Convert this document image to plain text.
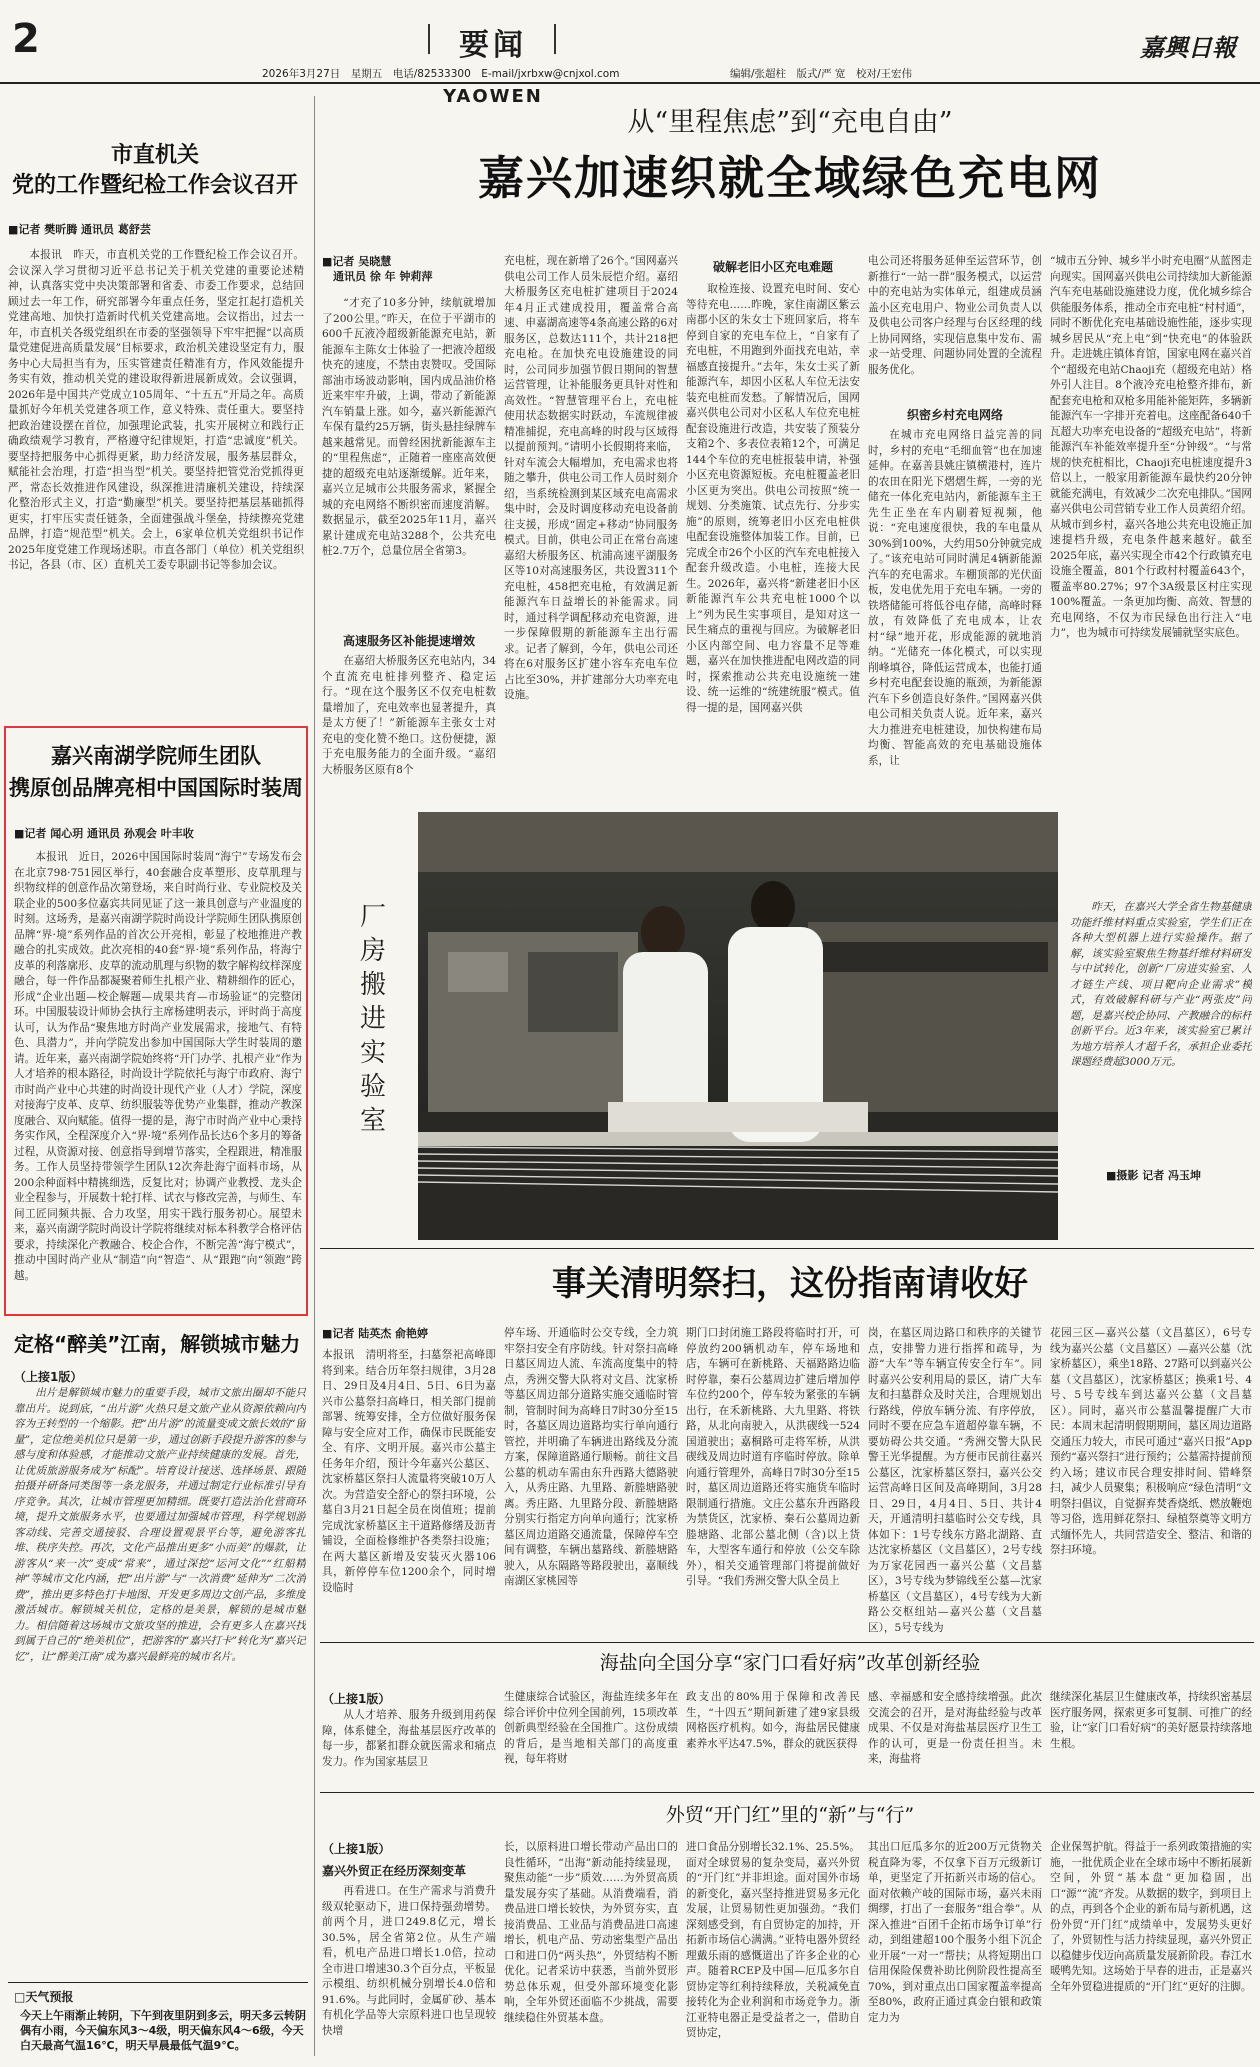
2	要闻
YAOWEN
2026年3月27日　星期五　电话/82533300　E-mail/jxrbxw@cnjxol.com	编辑/张超柱　版式/严 宽　校对/王宏伟
嘉興日報
市直机关
党的工作暨纪检工作会议召开
■记者 樊昕腾 通讯员 葛舒芸
本报讯　昨天，市直机关党的工作暨纪检工作会议召开。会议深入学习贯彻习近平总书记关于机关党建的重要论述精神，认真落实党中央决策部署和省委、市委工作要求，总结回顾过去一年工作，研究部署今年重点任务，坚定扛起打造机关党建高地、加快打造新时代机关党建高地。会议指出，过去一年，市直机关各级党组织在市委的坚强领导下牢牢把握“以高质量党建促进高质量发展”目标要求，政治机关建设坚定有力，服务中心大局担当有为，压实管建责任精准有方，作风效能提升务实有效，推动机关党的建设取得新进展新成效。会议强调，2026年是中国共产党成立105周年、“十五五”开局之年。高质量抓好今年机关党建各项工作，意义特殊、责任重大。要坚持把政治建设摆在首位，加强理论武装，扎实开展树立和践行正确政绩观学习教育，严格遵守纪律规矩，打造“忠诚度”机关。要坚持把服务中心抓得更紧，助力经济发展，服务基层群众，赋能社会治理，打造“担当型”机关。要坚持把管党治党抓得更严，常态长效推进作风建设，纵深推进清廉机关建设，持续深化整治形式主义，打造“勤廉型”机关。要坚持把基层基础抓得更实，打牢压实责任链条，全面建强战斗堡垒，持续擦亮党建品牌，打造“规范型”机关。会上，6家单位机关党组织书记作2025年度党建工作现场述职。市直各部门（单位）机关党组织书记，各县（市、区）直机关工委专职副书记等参加会议。
嘉兴南湖学院师生团队
携原创品牌亮相中国国际时装周
■记者 闻心玥 通讯员 孙观会 叶丰收
本报讯　近日，2026中国国际时装周“海宁”专场发布会在北京798·751园区举行，40套融合皮革塑形、皮草肌理与织物纹样的创意作品次第登场，来自时尚行业、专业院校及关联企业的500多位嘉宾共同见证了这一兼具创意与产业温度的时刻。这场秀，是嘉兴南湖学院时尚设计学院师生团队携原创品牌“界·境”系列作品的首次公开亮相，彰显了校地推进产教融合的扎实成效。此次亮相的40套“界·境”系列作品，将海宁皮革的利落廓形、皮草的流动肌理与织物的数字解构纹样深度融合，每一件作品都凝聚着师生扎根产业、精耕细作的匠心，形成“企业出题—校企解题—成果共育—市场验证”的完整闭环。中国服装设计师协会执行主席杨建明表示，评时尚于高度认可，认为作品“聚焦地方时尚产业发展需求，接地气、有特色、具潜力”，并向学院发出参加中国国际大学生时装周的邀请。近年来，嘉兴南湖学院始终将“开门办学、扎根产业”作为人才培养的根本路径，时尚设计学院依托与海宁市政府、海宁市时尚产业中心共建的时尚设计现代产业（人才）学院，深度对接海宁皮革、皮草、纺织服装等优势产业集群，推动产教深度融合、双向赋能。值得一提的是，海宁市时尚产业中心秉持务实作风，全程深度介入“界·境”系列作品长达6个多月的筹备过程，从资源对接、创意指导到增节落实，全程跟进，精准服务。工作人员坚持带领学生团队12次奔赴海宁面料市场，从200余种面料中精挑细选，反复比对；协调产业教授、龙头企业全程参与，开展数十轮打样、试衣与修改完善，与师生、车间工匠同频共振、合力攻坚，用实干践行服务初心。展望未来，嘉兴南湖学院时尚设计学院将继续对标本科教学合格评估要求，持续深化产教融合、校企合作，不断完善“海宁模式”，推动中国时尚产业从“制造”向“智造”、从“跟跑”向“领跑”跨越。
定格“醉美”江南，解锁城市魅力
（上接1版）
出片是解锁城市魅力的重要手段，城市文旅出圈却不能只靠出片。说到底，“出片游”火热只是文旅产业从资源依赖向内容为王转型的一个缩影。把“出片游”的流量变成文旅长效的“留量”，定位绝美机位只是第一步，通过创新手段提升游客的参与感与度和体验感，才能推动文旅产业持续健康的发展。首先，让优质旅游服务成为“标配”。培育设计接送、选择场景、跟随拍摄并研备同类图等一条龙服务，并通过制定行业标准引导有序竞争。其次，让城市管理更加精细。既要打造法治化营商环境，提升文旅服务水平，也要通过加强城市管理，科学规划游客动线、完善交通接驳、合理设置观景平台等，避免游客扎堆、秩序失控。再次，文化产品推出更多“小而美”的爆款，让游客从“来一次”变成“常来”，通过深挖“运河文化”“红船精神”等城市文化内涵，把“出片游”与“一次消费”延伸为“二次消费”，推出更多特色打卡地图、开发更多周边文创产品，多维度激活城市。解锁城关机位，定格的是美景，解锁的是城市魅力。相信随着这场城市文旅攻坚的推进，会有更多人在嘉兴找到属于自己的“绝美机位”，把游客的“嘉兴打卡”转化为“嘉兴记忆”，让“醉美江南”成为嘉兴最鲜亮的城市名片。
□天气预报
今天上午雨渐止转阴，下午到夜里阴到多云，明天多云转阴偶有小雨，今天偏东风3～4级，明天偏东风4～6级，今天白天最高气温16℃，明天早晨最低气温9℃。
从“里程焦虑”到“充电自由”
嘉兴加速织就全域绿色充电网
■记者 吴晓慧
　通讯员 徐 年 钟莉萍
“才充了10多分钟，续航就增加了200公里。”昨天，在位于平湖市的600千瓦液冷超级新能源充电站，新能源车主陈女士体验了一把液冷超级快充的速度，不禁由衷赞叹。受国际部油市场波动影响，国内成品油价格近来牢牢升破，上调，带动了新能源汽车销量上涨。如今，嘉兴新能源汽车保有量约25万辆，街头悬挂绿牌车越来越常见。而曾经困扰新能源车主的“里程焦虑”，正随着一座座高效便捷的超级充电站逐渐缓解。近年来，嘉兴立足城市公共服务需求，紧握全城的充电网络不断织密而速度消解。数据显示，截至2025年11月，嘉兴累计建成充电站3288个，公共充电桩2.7万个，总量位居全省第3。
高速服务区补能提速增效
在嘉绍大桥服务区充电站内，34个直流充电桩排列整齐、稳定运行。“现在这个服务区不仅充电桩数量增加了，充电效率也显著提升，真是太方便了！”新能源车主张女士对充电的变化赞不绝口。这份便捷，源于充电服务能力的全面升级。“嘉绍大桥服务区原有8个
充电桩，现在新增了26个。”国网嘉兴供电公司工作人员朱辰恺介绍。嘉绍大桥服务区充电桩扩建项目于2024年4月正式建成投用，覆盖常合高速、申嘉湖高速等4条高速公路的6对服务区，总数达111个，共计218把充电枪。在加快充电设施建设的同时，公司同步加强节假日期间的智慧运营管理，让补能服务更具针对性和高效性。“智慧管理平台上，充电桩使用状态数据实时跃动，车流规律被精准捕捉，充电高峰的时段与区域得以提前预判。”请明小长假期将来临，针对车流会大幅增加，充电需求也将随之攀升，供电公司工作人员时刻介绍，当系统检测到某区域充电高需求集中时，会及时调度移动充电设备前往支援，形成“固定+移动”协同服务模式。目前，供电公司正在常台高速嘉绍大桥服务区、杭浦高速平湖服务区等10对高速服务区，共设置311个充电桩，458把充电枪，有效满足新能源汽车日益增长的补能需求。同时，通过科学调配移动充电资源，进一步保障假期的新能源车主出行需求。记者了解到，今年，供电公司还将在6对服务区扩建小容车充电车位占比至30%，并扩建部分大功率充电设施。
破解老旧小区充电难题
取检连接、设置充电时间、安心等待充电……昨晚，家住南湖区紫云南郡小区的朱女士下班回家后，将车停到自家的充电车位上，“自家有了充电桩，不用跑到外面找充电站，幸福感直接提升。”去年，朱女士买了新能源汽车，却因小区私人车位无法安装充电桩而发愁。了解情况后，国网嘉兴供电公司对小区私人车位充电桩配套设施进行改造，共安装了预装分支箱2个、多表位表箱12个，可满足144个车位的充电桩报装申请，补强小区充电资源短板。充电桩覆盖老旧小区更为突出。供电公司按照“统一规划、分类施策、试点先行、分步实施”的原则，统筹老旧小区充电桩供电配套设施整体加装工作。目前，已完成全市26个小区的汽车充电桩接入配套升级改造。小电桩，连接大民生。2026年，嘉兴将“新建老旧小区新能源汽车公共充电桩1000个以上”列为民生实事项目，是知对这一民生痛点的重视与回应。为破解老旧小区内部空间、电力容量不足等难题，嘉兴在加快推进配电网改造的同时，探索推动公共充电设施统一建设、统一运维的“统建统服”模式。值得一提的是，国网嘉兴供
电公司还将服务延伸至运营环节，创新推行“一站一群”服务模式，以运营中的充电站为实体单元，组建成员涵盖小区充电用户、物业公司负责人以及供电公司客户经理与台区经理的线上协同网络，实现信息集中发布、需求一站受理、问题协同处置的全流程服务优化。
织密乡村充电网络
在城市充电网络日益完善的同时，乡村的充电“毛细血管”也在加速延伸。在嘉善县姚庄镇横港村，连片的农田在阳光下熠熠生辉，一旁的光储充一体化充电站内，新能源车主王先生正坐在车内刷着短视频，他说：“充电速度很快，我的车电量从30%到100%，大约用50分钟就完成了。”该充电站可同时满足4辆新能源汽车的充电需求。车棚顶部的光伏面板，发电优先用于充电车辆。一旁的铁塔储能可将低谷电存储，高峰时释放，有效降低了充电成本，让农村“绿”地开花，形成能源的就地消纳。“光储充一体化模式，可以实现削峰填谷，降低运营成本，也能打通乡村充电配套设施的瓶颈，为新能源汽车下乡创造良好条件。”国网嘉兴供电公司相关负责人说。近年来，嘉兴大力推进充电桩建设，加快构建布局均衡、智能高效的充电基础设施体系，让
“城市五分钟、城乡半小时充电圈”从蓝图走向现实。国网嘉兴供电公司持续加大新能源汽车充电基础设施建设力度，优化城乡综合供能服务体系，推动全市充电桩“村村通”，同时不断优化充电基础设施性能，逐步实现城乡居民从“充上电”到“快充电”的体验跃升。走进姚庄镇体育馆，国家电网在嘉兴首个“超级充电站Chaoji充（超级充电站）格外引人注目。8个液冷充电枪整齐排布，新配套充电枪和双枪多用能补能矩阵，多辆新能源汽车一字排开充着电。这座配备640千瓦超大功率充电设备的“超级充电站”，将新能源汽车补能效率提升至“分钟级”。“与常规的快充桩相比，Chaoji充电桩速度提升3倍以上，一般家用新能源车最快约20分钟就能充满电，有效减少二次充电排队。”国网嘉兴供电公司营销专业工作人员黄绍介绍。从城市到乡村，嘉兴各地公共充电设施正加速提档升级，充电条件越来越好。截至2025年底，嘉兴实现全市42个行政镇充电设施全覆盖，801个行政村村覆盖643个，覆盖率80.27%；97个3A级景区村庄实现100%覆盖。一条更加均衡、高效、智慧的充电网络，不仅为市民绿色出行注入“电力”，也为城市可持续发展铺就坚实底色。
厂房搬进实验室
昨天，在嘉兴大学全省生物基健康功能纤维材料重点实验室，学生们正在各种大型机器上进行实验操作。据了解，该实验室聚焦生物基纤维材料研发与中试转化，创新“厂房进实验室、人才链生产线、项目靶向企业需求”模式，有效破解科研与产业“两张皮”问题，是嘉兴校企协同、产教融合的标杆创新平台。近3年来，该实验室已累计为地方培养人才超千名，承担企业委托课题经费超3000万元。
■摄影 记者 冯玉坤
事关清明祭扫，这份指南请收好
■记者 陆英杰 俞艳婷
本报讯　清明将至，扫墓祭祀高峰即将到来。结合历年祭扫规律，3月28日、29日及4月4日、5日、6日为嘉兴市公墓祭扫高峰日，相关部门提前部署、统筹安排，全方位做好服务保障与安全应对工作，确保市民既能安全、有序、文明开展。嘉兴市公墓主任务年介绍，预计今年嘉兴公墓区、沈家桥墓区祭扫人流量将突破10万人次。为营造安全舒心的祭扫环境，公墓自3月21日起全员在岗值班；提前完成沈家桥墓区主干道路修缮及沥青铺设，全面检修维护各类祭扫设施；在两大墓区新增及安装灭火器106具，新停停车位1200余个，同时增设临时
停车场、开通临时公交专线，全力筑牢祭扫安全有序防线。针对祭扫高峰日墓区周边人流、车流高度集中的特点，秀洲交警大队将对文昌、沈家桥等墓区周边部分道路实施交通临时管制，管制时间为高峰日7时30分至15时，各墓区周边道路均实行单向通行管控，并明确了车辆进出路线及分流方案，保障道路通行顺畅。前往文昌公墓的机动车需由东升西路大德路驶入，从秀庄路、九里路、新塍塘路驶离。秀庄路、九里路分段、新塍塘路分别实行指定方向单向通行；沈家桥墓区周边道路交通流量，保障停车空间有调整，车辆出墓路线、新塍塘路驶入，从东隔路等路段驶出，嘉顺线南湖区家桃园等
期门口封闭施工路段将临时打开，可停放约200辆机动车，停车场地和店，车辆可在新桃路、天福路路边临时停靠，秦石公墓周边扩建后增加停车位约200个，停车较为紧张的车辆出行，在禾新桃路、大九里路、将铁路，从北向南驶入，从洪碶线一524国道驶出；嘉桐路可走将军桥，从洪碶线及周边时道有序临时停放。除单向通行管理外，高峰日7时30分至15时，墓区周边道路还将实施货车临时限制通行措施。文庄公墓东升西路段为禁货区，沈家桥、秦石公墓周边新塍塘路、北部公墓北侧（含)以上货车，大型客车通行和停放（公交车除外），相关交通管理部门将提前做好引导。“我们秀洲交警大队全员上
岗，在墓区周边路口和秩序的关键节点，安排警力进行指挥和疏导，为游“大车”等车辆宣传安全行车”。同时嘉兴公安利用局的景区，请广大车友和扫墓群众及时关注，合理规划出行路线，停放车辆分流、有序停放，同时不要在应急车道超停靠车辆，不要妨碍公共交通。“秀洲交警大队民警王光华提醒。为方便市民前往嘉兴公墓区，沈家桥墓区祭扫，嘉兴公交运营高峰日区间及高峰期间，3月28日、29日，4月4日、5日、共计4天，开通清明扫墓临时公交专线，具体如下：1号专线东方路北湖路、直达沈家桥墓区（文昌墓区），2号专线为万家花园西一嘉兴公墓（文昌墓区），3号专线为梦锦线至公墓—沈家桥墓区（文昌墓区），4号专线为大新路公交枢纽站—嘉兴公墓（文昌墓区），5号专线为
花园三区—嘉兴公墓（文昌墓区），6号专线为嘉兴公墓（文昌墓区）—嘉兴公墓（沈家桥墓区），乘坐18路、27路可以到嘉兴公墓（文昌墓区），沈家桥墓区；换乘1号、4号、5号专线车到达嘉兴公墓（文昌墓区）。同时，嘉兴市公墓温馨提醒广大市民：本周末起清明假期期间，墓区周边道路交通压力较大，市民可通过“嘉兴日报”App预约“嘉兴祭扫”进行预约；公墓需持提前预约入场；建议市民合理安排时间、错峰祭扫，减少人员聚集；积极响应“绿色清明”文明祭扫倡议，自觉摒弃焚香烧纸、燃放鞭炮等习俗，选用鲜花祭扫、绿植祭奠等文明方式缅怀先人，共同营造安全、整洁、和谐的祭扫环境。
海盐向全国分享“家门口看好病”改革创新经验
（上接1版）
从人才培养、服务升级到用药保障，体系健全，海盐基层医疗改革的每一步，都紧扣群众就医需求和痛点发力。作为国家基层卫
生健康综合试验区，海盐连续多年在综合评价中位列全国前列，15项改革创新典型经验在全国推广。这份成绩的背后，是当地相关部门的高度重视，每年将财
政支出的80%用于保障和改善民生，“十四五”期间新建了建9家县级网格医疗机构。如今，海盐居民健康素养水平达47.5%，群众的就医获得
感、幸福感和安全感持续增强。此次交流会的召开，是对海盐经验与改革成果、不仅是对海盐基层医疗卫生工作的认可，更是一份责任担当。未来，海盐将
继续深化基层卫生健康改革，持续织密基层医疗服务网，探索更多可复制、可推广的经验，让“家门口看好病”的美好愿景持续落地生根。
外贸“开门红”里的“新”与“行”
（上接1版）
嘉兴外贸正在经历深刻变革
再看进口。在生产需求与消费升级双轮驱动下，进口保持强劲增势。前两个月，进口249.8亿元，增长30.5%，居全省第2位。从生产端看，机电产品进口增长1.0倍，拉动全市进口增速30.3个百分点，平板显示模组、纺织机械分别增长4.0倍和91.6%。与此同时，金属矿砂、基本有机化学品等大宗原料进口也呈现较快增
长，以原料进口增长带动产品出口的良性循环，“出海”新动能持续显现，聚焦动能“一步”质效……为外贸高质量发展夯实了基础。从消费端看，消费品进口增长较快，为外贸夯实，直接消费品、工业品与消费品进口高速增长，机电产品、劳动密集型产品出口和进口仍“两头热”，外贸结构不断优化。记者采访中获悉，当前外贸形势总体乐观，但受外部环境变化影响，全年外贸还面临不少挑战，需要继续稳住外贸基本盘。
进口食品分别增长32.1%、25.5%。面对全球贸易的复杂变局，嘉兴外贸的“开门红”并非坦途。面对国外市场的新变化，嘉兴坚持推进贸易多元化发展，让贸易韧性更加强劲。“我们深刻感受到，有自贸协定的加持，开拓新市场信心满满。”亚特电器外贸经理戴乐雨的感慨道出了许多企业的心声。随着RCEP及中国—厄瓜多尔自贸协定等红利持续释放，关税减免直接转化为企业利润和市场竞争力。浙江亚特电器正是受益者之一，借助自贸协定，
其出口厄瓜多尔的近200万元货物关税直降为零，不仅拿下百万元级新订单，更坚定了开拓新兴市场的信心。面对依赖产岐的国际市场，嘉兴未雨绸缪，打出了一套服务“组合拳”。从深入推进“百团千企拓市场争订单”行动，到组建超100个服务小组下沉企业开展“一对一”帮扶；从将短期出口信用保险保费补助比例阶段性提高至70%，到对重点出口国家覆盖率提高至80%，政府正通过真金白银和政策定力为
企业保驾护航。得益于一系列政策措施的实施，一批优质企业在全球市场中不断拓展新空间，外贸“基本盘”更加稳固，出口“源”“流”齐发。从数据的数字，到项目上的点，再到各个企业的新布局与新机遇，这份外贸“开门红”成绩单中，发展势头更好了，外贸韧性与活力持续显现，嘉兴外贸正以稳健步伐迈向高质量发展新阶段。春江水暖鸭先知。这场始于早春的进击，正是嘉兴全年外贸稳进提质的“开门红”更好的注脚。
